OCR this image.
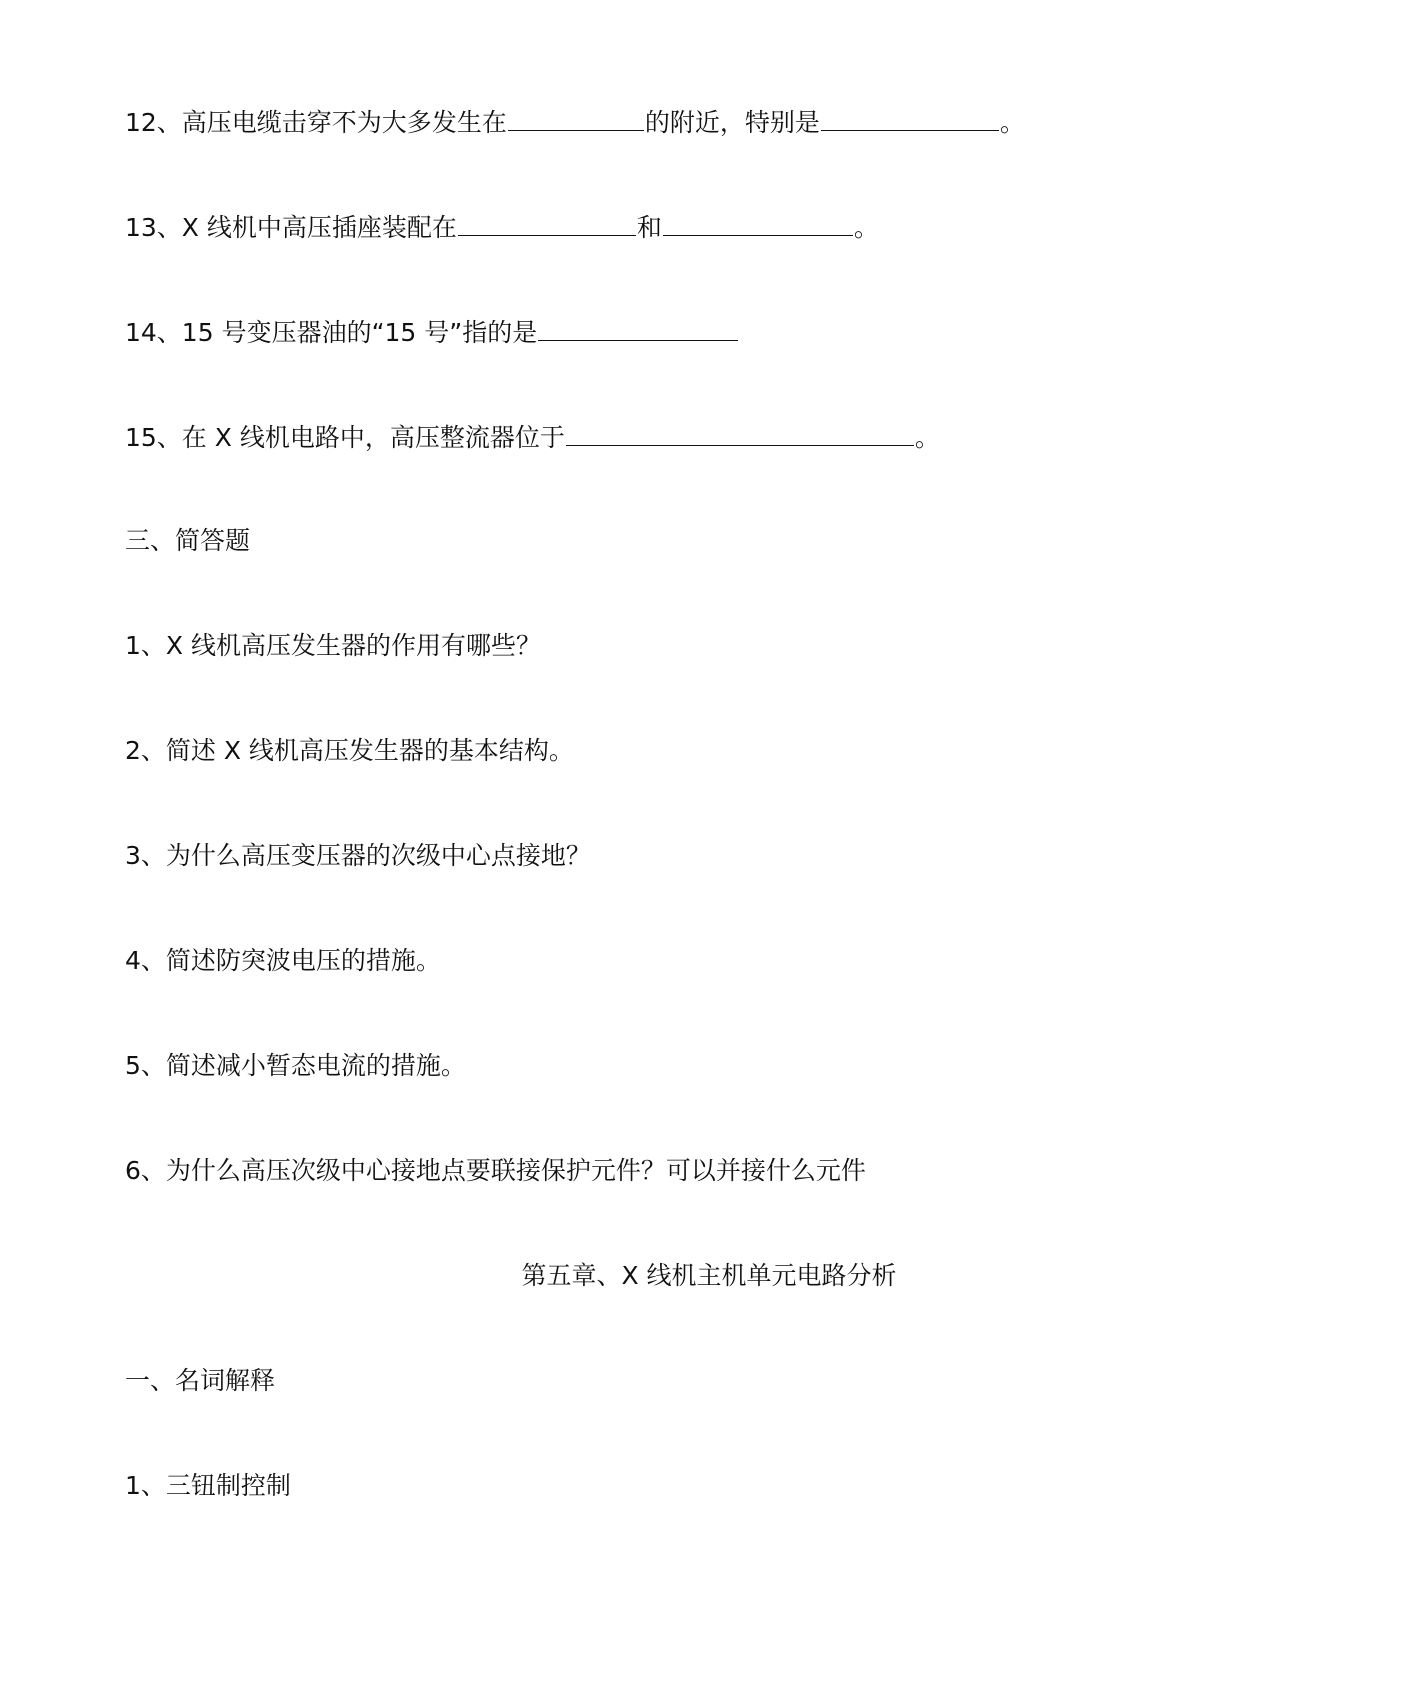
12、高压电缆击穿不为大多发生在	的附近，特别是	。
13、X 线机中高压插座装配在	和	。
14、15 号变压器油的“15 号”指的是
15、在 X 线机电路中，高压整流器位于	。
三、简答题
1、X 线机高压发生器的作用有哪些？
2、简述 X 线机高压发生器的基本结构。
3、为什么高压变压器的次级中心点接地？
4、简述防突波电压的措施。
5、简述减小暂态电流的措施。
6、为什么高压次级中心接地点要联接保护元件？可以并接什么元件
第五章、X 线机主机单元电路分析
一、名词解释
1、三钮制控制
